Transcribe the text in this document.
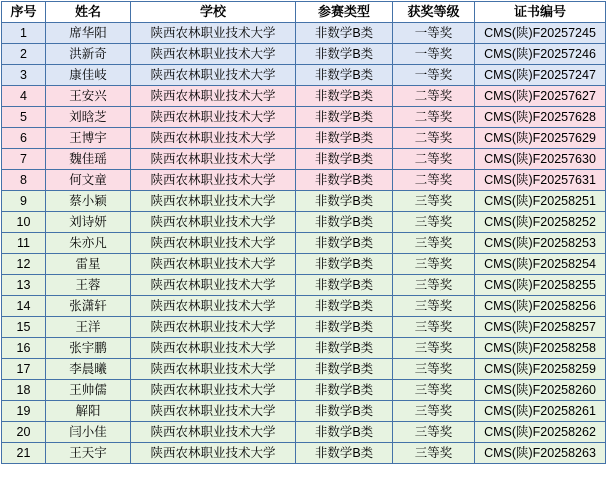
序号	姓名	学校	参赛类型	获奖等级	证书编号
1	席华阳	陕西农林职业技术大学	非数学B类	一等奖	CMS(陕)F20257245
2	洪新奇	陕西农林职业技术大学	非数学B类	一等奖	CMS(陕)F20257246
3	康佳岐	陕西农林职业技术大学	非数学B类	一等奖	CMS(陕)F20257247
4	王安兴	陕西农林职业技术大学	非数学B类	二等奖	CMS(陕)F20257627
5	刘晗芝	陕西农林职业技术大学	非数学B类	二等奖	CMS(陕)F20257628
6	王博宇	陕西农林职业技术大学	非数学B类	二等奖	CMS(陕)F20257629
7	魏佳瑶	陕西农林职业技术大学	非数学B类	二等奖	CMS(陕)F20257630
8	何文童	陕西农林职业技术大学	非数学B类	二等奖	CMS(陕)F20257631
9	蔡小颖	陕西农林职业技术大学	非数学B类	三等奖	CMS(陕)F20258251
10	刘诗妍	陕西农林职业技术大学	非数学B类	三等奖	CMS(陕)F20258252
11	朱亦凡	陕西农林职业技术大学	非数学B类	三等奖	CMS(陕)F20258253
12	雷星	陕西农林职业技术大学	非数学B类	三等奖	CMS(陕)F20258254
13	王蓉	陕西农林职业技术大学	非数学B类	三等奖	CMS(陕)F20258255
14	张潇轩	陕西农林职业技术大学	非数学B类	三等奖	CMS(陕)F20258256
15	王洋	陕西农林职业技术大学	非数学B类	三等奖	CMS(陕)F20258257
16	张宇鹏	陕西农林职业技术大学	非数学B类	三等奖	CMS(陕)F20258258
17	李晨曦	陕西农林职业技术大学	非数学B类	三等奖	CMS(陕)F20258259
18	王帅儒	陕西农林职业技术大学	非数学B类	三等奖	CMS(陕)F20258260
19	解阳	陕西农林职业技术大学	非数学B类	三等奖	CMS(陕)F20258261
20	闫小佳	陕西农林职业技术大学	非数学B类	三等奖	CMS(陕)F20258262
21	王天宇	陕西农林职业技术大学	非数学B类	三等奖	CMS(陕)F20258263
